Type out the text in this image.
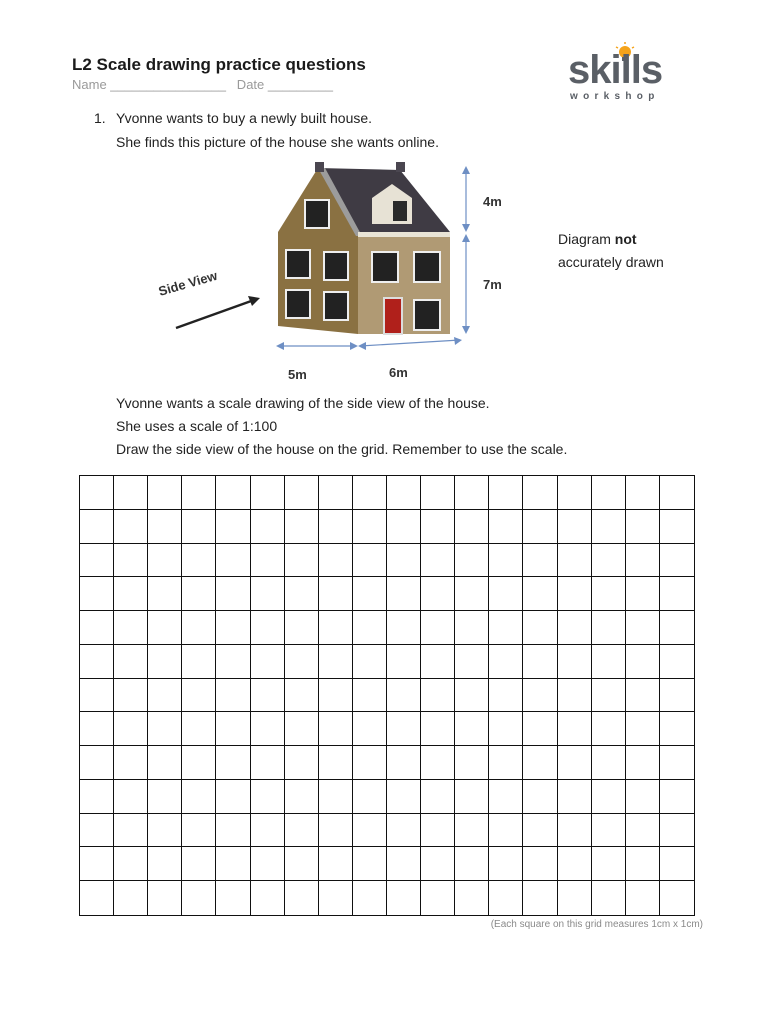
L2 Scale drawing practice questions
Name ________________   Date _________	skills
workshop
1. Yvonne wants to buy a newly built house.
She finds this picture of the house she wants online.
Side View
4m
7m
5m	6m
Diagram not
accurately drawn
Yvonne wants a scale drawing of the side view of the house.
She uses a scale of 1:100
Draw the side view of the house on the grid. Remember to use the scale.
(Each square on this grid measures 1cm x 1cm)
